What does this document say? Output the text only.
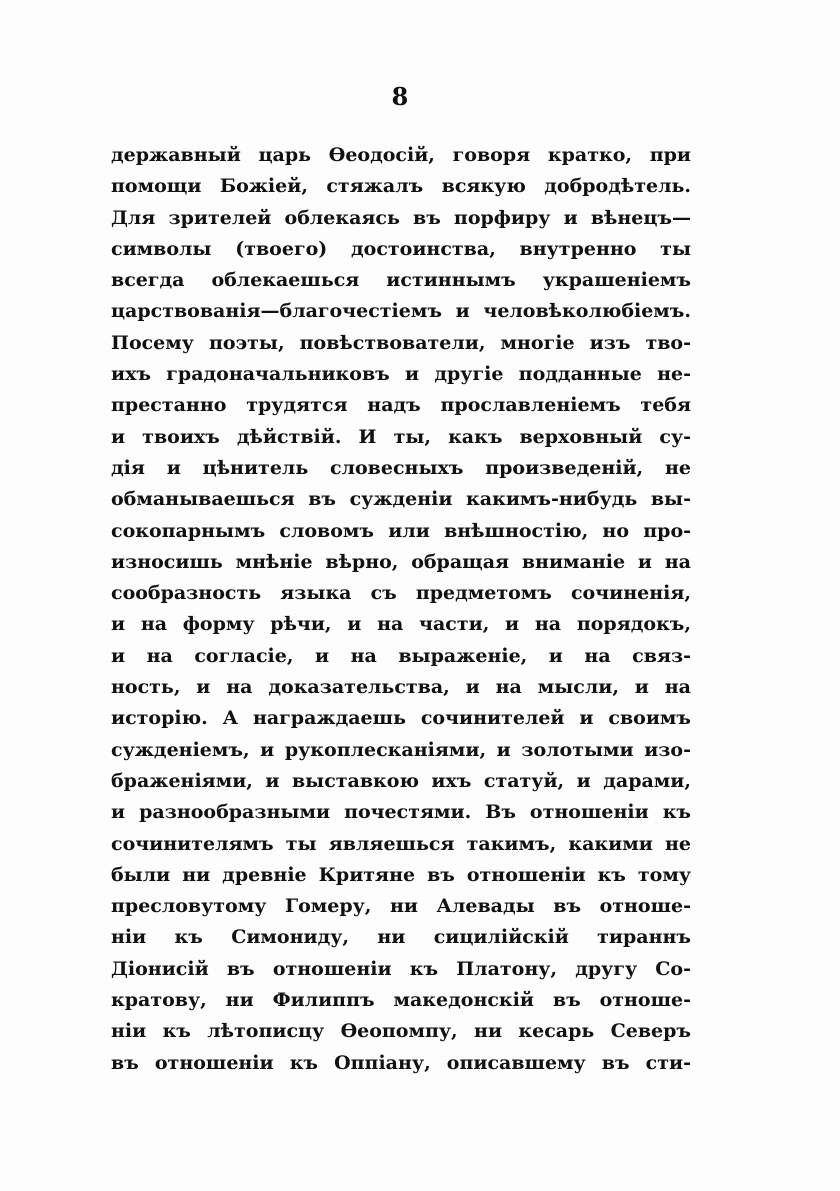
8
державный царь Өеодосій, говоря кратко, при
помощи Божіей, стяжалъ всякую добродѣтель.
Для зрителей облекаясь въ порфиру и вѣнецъ—
символы (твоего) достоинства, внутренно ты
всегда облекаешься истиннымъ украшеніемъ
царствованія—благочестіемъ и человѣколюбіемъ.
Посему поэты, повѣствователи, многіе изъ тво-
ихъ градоначальниковъ и другіе подданные не-
престанно трудятся надъ прославленіемъ тебя
и твоихъ дѣйствій. И ты, какъ верховный су-
дія и цѣнитель словесныхъ произведеній, не
обманываешься въ сужденіи какимъ-нибудь вы-
сокопарнымъ словомъ или внѣшностію, но про-
износишь мнѣніе вѣрно, обращая вниманіе и на
сообразность языка съ предметомъ сочиненія,
и на форму рѣчи, и на части, и на порядокъ,
и на согласіе, и на выраженіе, и на связ-
ность, и на доказательства, и на мысли, и на
исторію. А награждаешь сочинителей и своимъ
сужденіемъ, и рукоплесканіями, и золотыми изо-
браженіями, и выставкою ихъ статуй, и дарами,
и разнообразными почестями. Въ отношеніи къ
сочинителямъ ты являешься такимъ, какими не
были ни древніе Критяне въ отношеніи къ тому
пресловутому Гомеру, ни Алевады въ отноше-
ніи къ Симониду, ни сицилійскій тираннъ
Діонисій въ отношеніи къ Платону, другу Со-
кратову, ни Филиппъ македонскій въ отноше-
ніи къ лѣтописцу Өеопомпу, ни кесарь Северъ
въ отношеніи къ Оппіану, описавшему въ сти-
